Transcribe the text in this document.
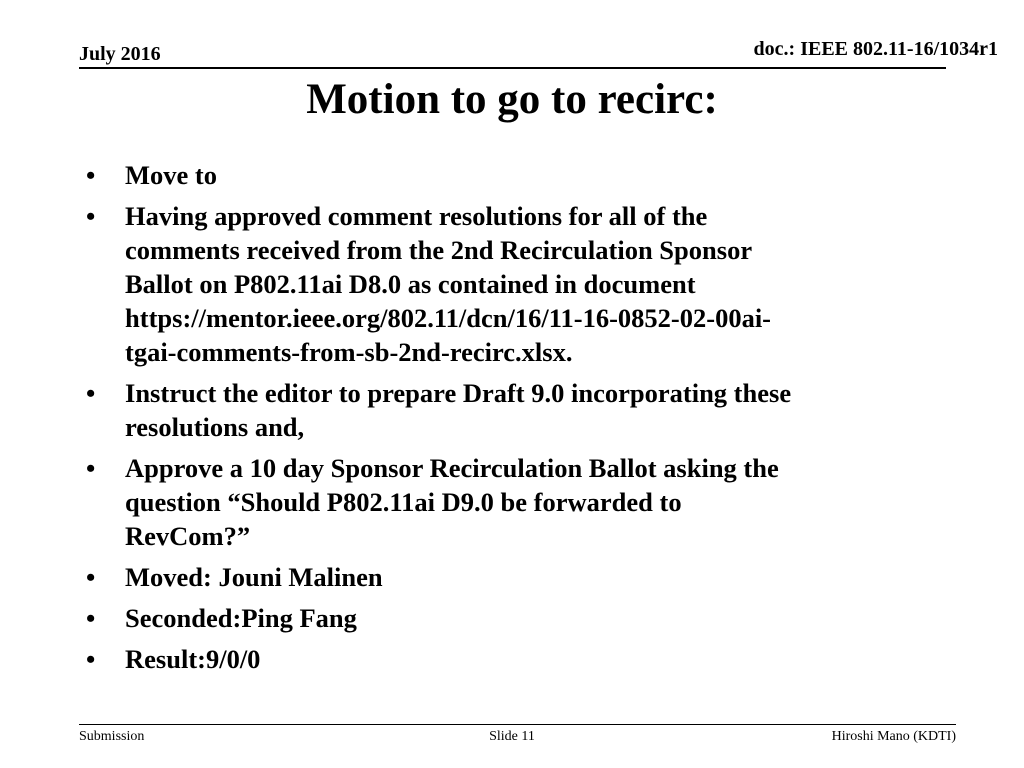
July 2016	doc.: IEEE 802.11-16/1034r1
Motion to go to recirc:
•	Move to
•	Having approved comment resolutions for all of the
comments received from the 2nd Recirculation Sponsor
Ballot on P802.11ai D8.0 as contained in document
https://mentor.ieee.org/802.11/dcn/16/11-16-0852-02-00ai-
tgai-comments-from-sb-2nd-recirc.xlsx.
•	Instruct the editor to prepare Draft 9.0 incorporating these
resolutions and,
•	Approve a 10 day Sponsor Recirculation Ballot asking the
question “Should P802.11ai D9.0 be forwarded to
RevCom?”
•	Moved: Jouni Malinen
•	Seconded:Ping Fang
•	Result:9/0/0
Submission	Slide 11	Hiroshi Mano (KDTI)
